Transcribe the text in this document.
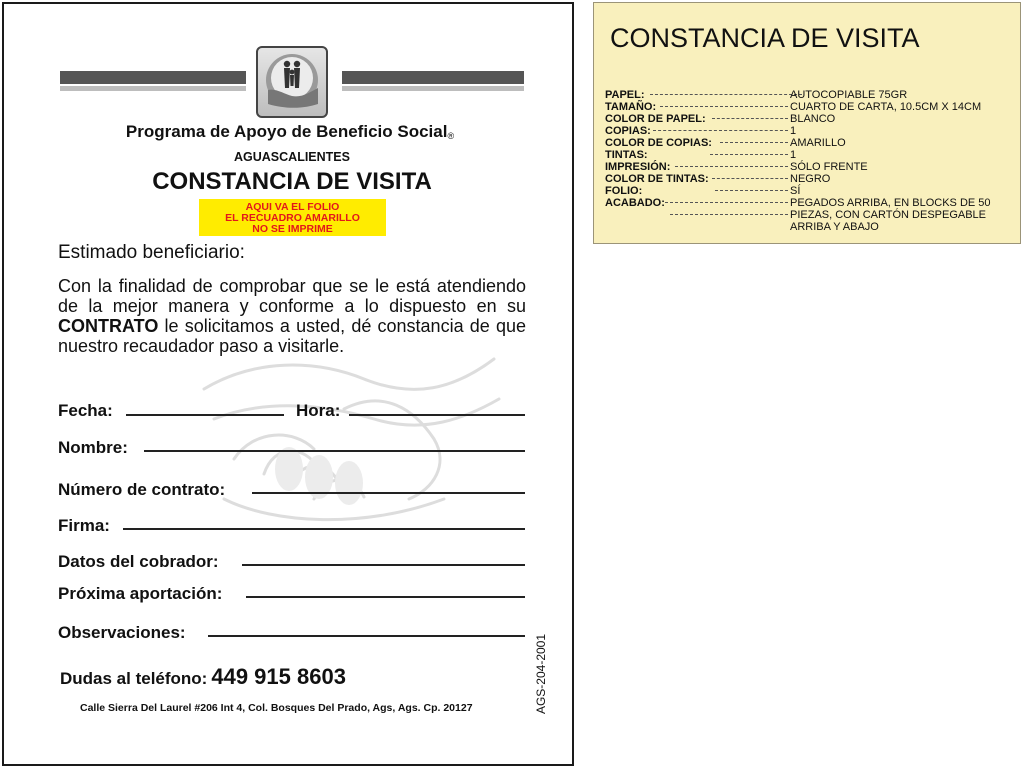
Programa de Apoyo de Beneficio Social®
AGUASCALIENTES
CONSTANCIA DE VISITA
AQUI VA EL FOLIO
EL RECUADRO AMARILLO
NO SE IMPRIME
Estimado beneficiario:
Con la finalidad de comprobar que se le está atendiendo de la mejor manera y conforme a lo dispuesto en su CONTRATO le solicitamos a usted, dé constancia de que nuestro recaudador paso a visitarle.
Fecha:	Hora:
Nombre:
Número de contrato:
Firma:
Datos del cobrador:
Próxima aportación:
Observaciones:
Dudas al teléfono: 449 915 8603	AGS-204-2001
Calle Sierra Del Laurel #206 Int 4, Col. Bosques Del Prado, Ags, Ags. Cp. 20127
CONSTANCIA DE VISITA
PAPEL:	AUTOCOPIABLE 75GR
TAMAÑO:	CUARTO DE CARTA, 10.5CM X 14CM
COLOR DE PAPEL:	BLANCO
COPIAS:	1
COLOR DE COPIAS:	AMARILLO
TINTAS:	1
IMPRESIÓN:	SÓLO FRENTE
COLOR DE TINTAS:	NEGRO
FOLIO:	SÍ
ACABADO:	PEGADOS ARRIBA, EN BLOCKS DE 50
PIEZAS, CON CARTÓN DESPEGABLE
ARRIBA Y ABAJO
